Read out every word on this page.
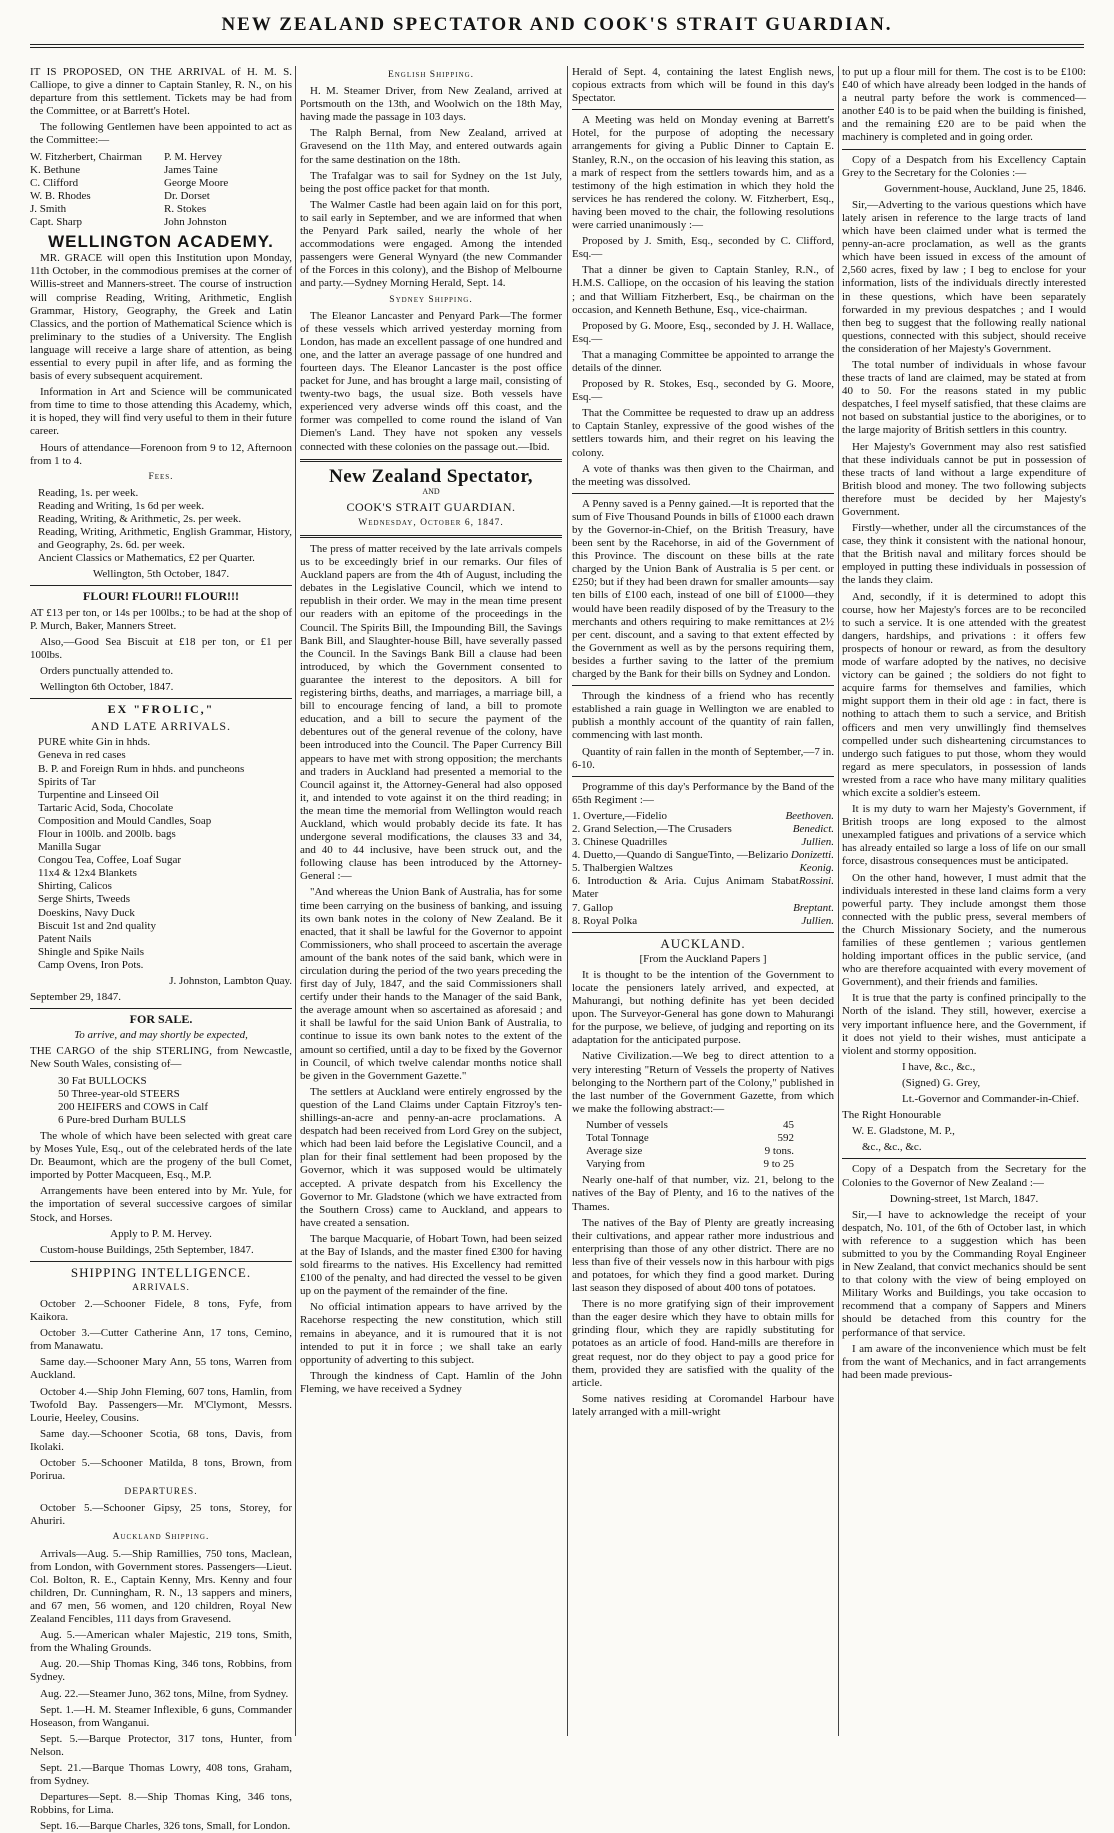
NEW ZEALAND SPECTATOR AND COOK'S STRAIT GUARDIAN.

IT IS PROPOSED, ON THE ARRIVAL of H. M. S. Calliope, to give a dinner to Captain Stanley, R. N., on his departure from this settlement. Tickets may be had from the Committee, or at Barrett's Hotel.

The following Gentlemen have been appointed to act as the Committee:—

W. Fitzherbert, Chairman	P. M. Hervey
K. Bethune	James Taine
C. Clifford	George Moore
W. B. Rhodes	Dr. Dorset
J. Smith	R. Stokes
Capt. Sharp	John Johnston
WELLINGTON ACADEMY.

MR. GRACE will open this Institution upon Monday, 11th October, in the commodious premises at the corner of Willis-street and Manners-street. The course of instruction will comprise Reading, Writing, Arithmetic, English Grammar, History, Geography, the Greek and Latin Classics, and the portion of Mathematical Science which is preliminary to the studies of a University. The English language will receive a large share of attention, as being essential to every pupil in after life, and as forming the basis of every subsequent acquirement.

Information in Art and Science will be communicated from time to time to those attending this Academy, which, it is hoped, they will find very useful to them in their future career.

Hours of attendance—Forenoon from 9 to 12, Afternoon from 1 to 4.

Fees.

Reading, 1s. per week.
Reading and Writing, 1s 6d per week.
Reading, Writing, & Arithmetic, 2s. per week.
Reading, Writing, Arithmetic, English Grammar, History, and Geography, 2s. 6d. per week.
Ancient Classics or Mathematics, £2 per Quarter.

Wellington, 5th October, 1847.

FLOUR! FLOUR!! FLOUR!!!

AT £13 per ton, or 14s per 100lbs.; to be had at the shop of P. Murch, Baker, Manners Street.

Also,—Good Sea Biscuit at £18 per ton, or £1 per 100lbs.

Orders punctually attended to.

Wellington 6th October, 1847.

EX "FROLIC,"
AND LATE ARRIVALS.
PURE white Gin in hhds.
Geneva in red cases
B. P. and Foreign Rum in hhds. and puncheons
Spirits of Tar
Turpentine and Linseed Oil
Tartaric Acid, Soda, Chocolate
Composition and Mould Candles, Soap
Flour in 100lb. and 200lb. bags
Manilla Sugar
Congou Tea, Coffee, Loaf Sugar
11x4 & 12x4 Blankets
Shirting, Calicos
Serge Shirts, Tweeds
Doeskins, Navy Duck
Biscuit 1st and 2nd quality
Patent Nails
Shingle and Spike Nails
Camp Ovens, Iron Pots.

J. Johnston, Lambton Quay.

September 29, 1847.

FOR SALE.

To arrive, and may shortly be expected,

THE CARGO of the ship STERLING, from Newcastle, New South Wales, consisting of—

30 Fat BULLOCKS
50 Three-year-old STEERS
200 HEIFERS and COWS in Calf
6 Pure-bred Durham BULLS

The whole of which have been selected with great care by Moses Yule, Esq., out of the celebrated herds of the late Dr. Beaumont, which are the progeny of the bull Comet, imported by Potter Macqueen, Esq., M.P.

Arrangements have been entered into by Mr. Yule, for the importation of several successive cargoes of similar Stock, and Horses.

Apply to P. M. Hervey.

Custom-house Buildings, 25th September, 1847.

SHIPPING INTELLIGENCE.

ARRIVALS.

October 2.—Schooner Fidele, 8 tons, Fyfe, from Kaikora.

October 3.—Cutter Catherine Ann, 17 tons, Cemino, from Manawatu.

Same day.—Schooner Mary Ann, 55 tons, Warren from Auckland.

October 4.—Ship John Fleming, 607 tons, Hamlin, from Twofold Bay. Passengers—Mr. M'Clymont, Messrs. Lourie, Heeley, Cousins.

Same day.—Schooner Scotia, 68 tons, Davis, from Ikolaki.

October 5.—Schooner Matilda, 8 tons, Brown, from Porirua.

DEPARTURES.

October 5.—Schooner Gipsy, 25 tons, Storey, for Ahuriri.

Auckland Shipping.

Arrivals—Aug. 5.—Ship Ramillies, 750 tons, Maclean, from London, with Government stores. Passengers—Lieut. Col. Bolton, R. E., Captain Kenny, Mrs. Kenny and four children, Dr. Cunningham, R. N., 13 sappers and miners, and 67 men, 56 women, and 120 children, Royal New Zealand Fencibles, 111 days from Gravesend.

Aug. 5.—American whaler Majestic, 219 tons, Smith, from the Whaling Grounds.

Aug. 20.—Ship Thomas King, 346 tons, Robbins, from Sydney.

Aug. 22.—Steamer Juno, 362 tons, Milne, from Sydney.

Sept. 1.—H. M. Steamer Inflexible, 6 guns, Commander Hoseason, from Wanganui.

Sept. 5.—Barque Protector, 317 tons, Hunter, from Nelson.

Sept. 21.—Barque Thomas Lowry, 408 tons, Graham, from Sydney.

Departures—Sept. 8.—Ship Thomas King, 346 tons, Robbins, for Lima.

Sept. 16.—Barque Charles, 326 tons, Small, for London.

English Shipping.

H. M. Steamer Driver, from New Zealand, arrived at Portsmouth on the 13th, and Woolwich on the 18th May, having made the passage in 103 days.

The Ralph Bernal, from New Zealand, arrived at Gravesend on the 11th May, and entered outwards again for the same destination on the 18th.

The Trafalgar was to sail for Sydney on the 1st July, being the post office packet for that month.

The Walmer Castle had been again laid on for this port, to sail early in September, and we are informed that when the Penyard Park sailed, nearly the whole of her accommodations were engaged. Among the intended passengers were General Wynyard (the new Commander of the Forces in this colony), and the Bishop of Melbourne and party.—Sydney Morning Herald, Sept. 14.

Sydney Shipping.

The Eleanor Lancaster and Penyard Park—The former of these vessels which arrived yesterday morning from London, has made an excellent passage of one hundred and one, and the latter an average passage of one hundred and fourteen days. The Eleanor Lancaster is the post office packet for June, and has brought a large mail, consisting of twenty-two bags, the usual size. Both vessels have experienced very adverse winds off this coast, and the former was compelled to come round the island of Van Diemen's Land. They have not spoken any vessels connected with these colonies on the passage out.—Ibid.

New Zealand Spectator,

AND

COOK'S STRAIT GUARDIAN.

Wednesday, October 6, 1847.

The press of matter received by the late arrivals compels us to be exceedingly brief in our remarks. Our files of Auckland papers are from the 4th of August, including the debates in the Legislative Council, which we intend to republish in their order. We may in the mean time present our readers with an epitome of the proceedings in the Council. The Spirits Bill, the Impounding Bill, the Savings Bank Bill, and Slaughter-house Bill, have severally passed the Council. In the Savings Bank Bill a clause had been introduced, by which the Government consented to guarantee the interest to the depositors. A bill for registering births, deaths, and marriages, a marriage bill, a bill to encourage fencing of land, a bill to promote education, and a bill to secure the payment of the debentures out of the general revenue of the colony, have been introduced into the Council. The Paper Currency Bill appears to have met with strong opposition; the merchants and traders in Auckland had presented a memorial to the Council against it, the Attorney-General had also opposed it, and intended to vote against it on the third reading; in the mean time the memorial from Wellington would reach Auckland, which would probably decide its fate. It has undergone several modifications, the clauses 33 and 34, and 40 to 44 inclusive, have been struck out, and the following clause has been introduced by the Attorney-General :—

"And whereas the Union Bank of Australia, has for some time been carrying on the business of banking, and issuing its own bank notes in the colony of New Zealand. Be it enacted, that it shall be lawful for the Governor to appoint Commissioners, who shall proceed to ascertain the average amount of the bank notes of the said bank, which were in circulation during the period of the two years preceding the first day of July, 1847, and the said Commissioners shall certify under their hands to the Manager of the said Bank, the average amount when so ascertained as aforesaid ; and it shall be lawful for the said Union Bank of Australia, to continue to issue its own bank notes to the extent of the amount so certified, until a day to be fixed by the Governor in Council, of which twelve calendar months notice shall be given in the Government Gazette."

The settlers at Auckland were entirely engrossed by the question of the Land Claims under Captain Fitzroy's ten-shillings-an-acre and penny-an-acre proclamations. A despatch had been received from Lord Grey on the subject, which had been laid before the Legislative Council, and a plan for their final settlement had been proposed by the Governor, which it was supposed would be ultimately accepted. A private despatch from his Excellency the Governor to Mr. Gladstone (which we have extracted from the Southern Cross) came to Auckland, and appears to have created a sensation.

The barque Macquarie, of Hobart Town, had been seized at the Bay of Islands, and the master fined £300 for having sold firearms to the natives. His Excellency had remitted £100 of the penalty, and had directed the vessel to be given up on the payment of the remainder of the fine.

No official intimation appears to have arrived by the Racehorse respecting the new constitution, which still remains in abeyance, and it is rumoured that it is not intended to put it in force ; we shall take an early opportunity of adverting to this subject.

Through the kindness of Capt. Hamlin of the John Fleming, we have received a Sydney

Herald of Sept. 4, containing the latest English news, copious extracts from which will be found in this day's Spectator.

A Meeting was held on Monday evening at Barrett's Hotel, for the purpose of adopting the necessary arrangements for giving a Public Dinner to Captain E. Stanley, R.N., on the occasion of his leaving this station, as a mark of respect from the settlers towards him, and as a testimony of the high estimation in which they hold the services he has rendered the colony. W. Fitzherbert, Esq., having been moved to the chair, the following resolutions were carried unanimously :—

Proposed by J. Smith, Esq., seconded by C. Clifford, Esq.—

That a dinner be given to Captain Stanley, R.N., of H.M.S. Calliope, on the occasion of his leaving the station ; and that William Fitzherbert, Esq., be chairman on the occasion, and Kenneth Bethune, Esq., vice-chairman.

Proposed by G. Moore, Esq., seconded by J. H. Wallace, Esq.—

That a managing Committee be appointed to arrange the details of the dinner.

Proposed by R. Stokes, Esq., seconded by G. Moore, Esq.—

That the Committee be requested to draw up an address to Captain Stanley, expressive of the good wishes of the settlers towards him, and their regret on his leaving the colony.

A vote of thanks was then given to the Chairman, and the meeting was dissolved.

A Penny saved is a Penny gained.—It is reported that the sum of Five Thousand Pounds in bills of £1000 each drawn by the Governor-in-Chief, on the British Treasury, have been sent by the Racehorse, in aid of the Government of this Province. The discount on these bills at the rate charged by the Union Bank of Australia is 5 per cent. or £250; but if they had been drawn for smaller amounts—say ten bills of £100 each, instead of one bill of £1000—they would have been readily disposed of by the Treasury to the merchants and others requiring to make remittances at 2½ per cent. discount, and a saving to that extent effected by the Government as well as by the persons requiring them, besides a further saving to the latter of the premium charged by the Bank for their bills on Sydney and London.

Through the kindness of a friend who has recently established a rain guage in Wellington we are enabled to publish a monthly account of the quantity of rain fallen, commencing with last month.

Quantity of rain fallen in the month of September,—7 in. 6-10.

Programme of this day's Performance by the Band of the 65th Regiment :—

1. Overture,—Fidelio	Beethoven.
2. Grand Selection,—The Crusaders	Benedict.
3. Chinese Quadrilles	Jullien.
4. Duetto,—Quando di SangueTinto, —Belizario Donizetti.
5. Thalbergien Waltzes	Keonig.
6. Introduction & Aria. Cujus Animam Stabat Mater
Rossini.
7. Gallop	Breptant.
8. Royal Polka	Jullien.
AUCKLAND.

[From the Auckland Papers ]

It is thought to be the intention of the Government to locate the pensioners lately arrived, and expected, at Mahurangi, but nothing definite has yet been decided upon. The Surveyor-General has gone down to Mahurangi for the purpose, we believe, of judging and reporting on its adaptation for the anticipated purpose.

Native Civilization.—We beg to direct attention to a very interesting "Return of Vessels the property of Natives belonging to the Northern part of the Colony," published in the last number of the Government Gazette, from which we make the following abstract:—

Number of vessels	45
Total Tonnage	592
Average size	9 tons.
Varying from	9 to 25

Nearly one-half of that number, viz. 21, belong to the natives of the Bay of Plenty, and 16 to the natives of the Thames.

The natives of the Bay of Plenty are greatly increasing their cultivations, and appear rather more industrious and enterprising than those of any other district. There are no less than five of their vessels now in this harbour with pigs and potatoes, for which they find a good market. During last season they disposed of about 400 tons of potatoes.

There is no more gratifying sign of their improvement than the eager desire which they have to obtain mills for grinding flour, which they are rapidly substituting for potatoes as an article of food. Hand-mills are therefore in great request, nor do they object to pay a good price for them, provided they are satisfied with the quality of the article.

Some natives residing at Coromandel Harbour have lately arranged with a mill-wright

to put up a flour mill for them. The cost is to be £100: £40 of which have already been lodged in the hands of a neutral party before the work is commenced—another £40 is to be paid when the building is finished, and the remaining £20 are to be paid when the machinery is completed and in going order.

Copy of a Despatch from his Excellency Captain Grey to the Secretary for the Colonies :—

Government-house, Auckland, June 25, 1846.

Sir,—Adverting to the various questions which have lately arisen in reference to the large tracts of land which have been claimed under what is termed the penny-an-acre proclamation, as well as the grants which have been issued in excess of the amount of 2,560 acres, fixed by law ; I beg to enclose for your information, lists of the individuals directly interested in these questions, which have been separately forwarded in my previous despatches ; and I would then beg to suggest that the following really national questions, connected with this subject, should receive the consideration of her Majesty's Government.

The total number of individuals in whose favour these tracts of land are claimed, may be stated at from 40 to 50. For the reasons stated in my public despatches, I feel myself satisfied, that these claims are not based on substantial justice to the aborigines, or to the large majority of British settlers in this country.

Her Majesty's Government may also rest satisfied that these individuals cannot be put in possession of these tracts of land without a large expenditure of British blood and money. The two following subjects therefore must be decided by her Majesty's Government.

Firstly—whether, under all the circumstances of the case, they think it consistent with the national honour, that the British naval and military forces should be employed in putting these individuals in possession of the lands they claim.

And, secondly, if it is determined to adopt this course, how her Majesty's forces are to be reconciled to such a service. It is one attended with the greatest dangers, hardships, and privations : it offers few prospects of honour or reward, as from the desultory mode of warfare adopted by the natives, no decisive victory can be gained ; the soldiers do not fight to acquire farms for themselves and families, which might support them in their old age : in fact, there is nothing to attach them to such a service, and British officers and men very unwillingly find themselves compelled under such disheartening circumstances to undergo such fatigues to put those, whom they would regard as mere speculators, in possession of lands wrested from a race who have many military qualities which excite a soldier's esteem.

It is my duty to warn her Majesty's Government, if British troops are long exposed to the almost unexampled fatigues and privations of a service which has already entailed so large a loss of life on our small force, disastrous consequences must be anticipated.

On the other hand, however, I must admit that the individuals interested in these land claims form a very powerful party. They include amongst them those connected with the public press, several members of the Church Missionary Society, and the numerous families of these gentlemen ; various gentlemen holding important offices in the public service, (and who are therefore acquainted with every movement of Government), and their friends and families.

It is true that the party is confined principally to the North of the island. They still, however, exercise a very important influence here, and the Government, if it does not yield to their wishes, must anticipate a violent and stormy opposition.

I have, &c., &c.,

(Signed) G. Grey,

Lt.-Governor and Commander-in-Chief.

The Right Honourable

W. E. Gladstone, M. P.,

&c., &c., &c.

Copy of a Despatch from the Secretary for the Colonies to the Governor of New Zealand :—

Downing-street, 1st March, 1847.

Sir,—I have to acknowledge the receipt of your despatch, No. 101, of the 6th of October last, in which with reference to a suggestion which has been submitted to you by the Commanding Royal Engineer in New Zealand, that convict mechanics should be sent to that colony with the view of being employed on Military Works and Buildings, you take occasion to recommend that a company of Sappers and Miners should be detached from this country for the performance of that service.

I am aware of the inconvenience which must be felt from the want of Mechanics, and in fact arrangements had been made previous-
